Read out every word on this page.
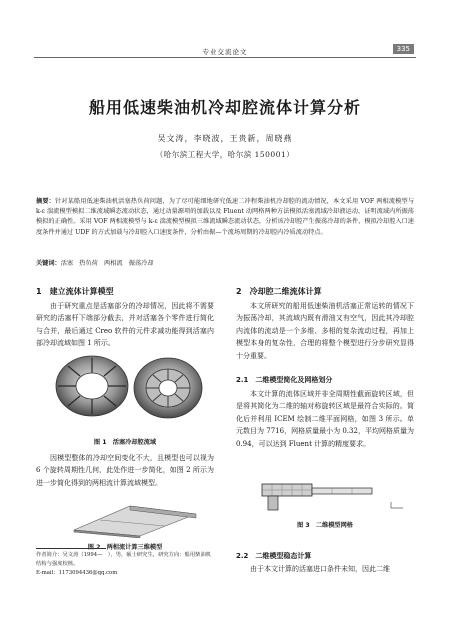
专业交流论文	335
船用低速柴油机冷却腔流体计算分析
吴文涛，李晓波，王贵新，周晓燕
（哈尔滨工程大学，哈尔滨 150001）
摘要：针对某船用低速柴油机活塞热负荷问题，为了尽可能细地研究低速二冲程柴油机冷却腔的流动情况，本文采用 VOF 两相流模型与 k-ε 湍流模型模拟二维流域瞬态流动状态，通过动量源项的加载以及 Fluent 动网格两种方法模拟活塞流域冷却液运动，证明流域内所振荡模拟的正确性。采用 VOF 两相流模型与 k-ε 湍流模型模拟三维流域瞬态流动状态，分析该冷却腔产生振荡冷却的条件，模拟冷却腔入口速度条件并通过 UDF 的方式加载与冷却腔入口速度条件，分析由振—个流场周期的冷却腔内冷质流动特点。
关键词：活塞　热负荷　两相流　振荡冷却
1　建立流体计算模型
由于研究重点是活塞部分的冷却情况，因此将不需要研究的活塞杆下端部分截去，并对活塞各个零件进行简化与合并，最后通过 Creo 软件的元件求减功能得到活塞内部冷却流域如图 1 所示。
图 1　活塞冷却腔流域
因模型整体的冷却空间变化不大，且模型也可以视为 6 个旋转周期性几何，此处作进一步简化，如图 2 所示为进一步简化得到的两相流计算流域模型。
图 2　两相流计算三维模型
作者简介：吴文涛（1994—　），男，硕士研究生，研究方向：船用柴油机结构与强度校核。
E-mail：1173094436@qq.com
2　冷却腔二维流体计算
本文所研究的船用低速柴油机活塞正常运转的情况下为振荡冷却，其流域内既有滑油又有空气，因此其冷却腔内流体的流动是一个多维、多相的复杂流动过程，再加上模型本身的复杂性，合理的将整个模型进行分步研究显得十分重要。
2.1　二维模型简化及网格划分
本文计算的流体区域并非全周期性截面旋转区域，但是将其简化为二维的轴对称旋转区域是最符合实际的。简化后并利用 ICEM 绘制二维平面网格，如图 3 所示。单元数目为 7716，网格质量最小为 0.32，平均网格质量为 0.94，可以达到 Fluent 计算的精度要求。
图 3　二维模型网格
2.2　二维模型稳态计算
由于本文计算的活塞进口条件未知，因此二维
